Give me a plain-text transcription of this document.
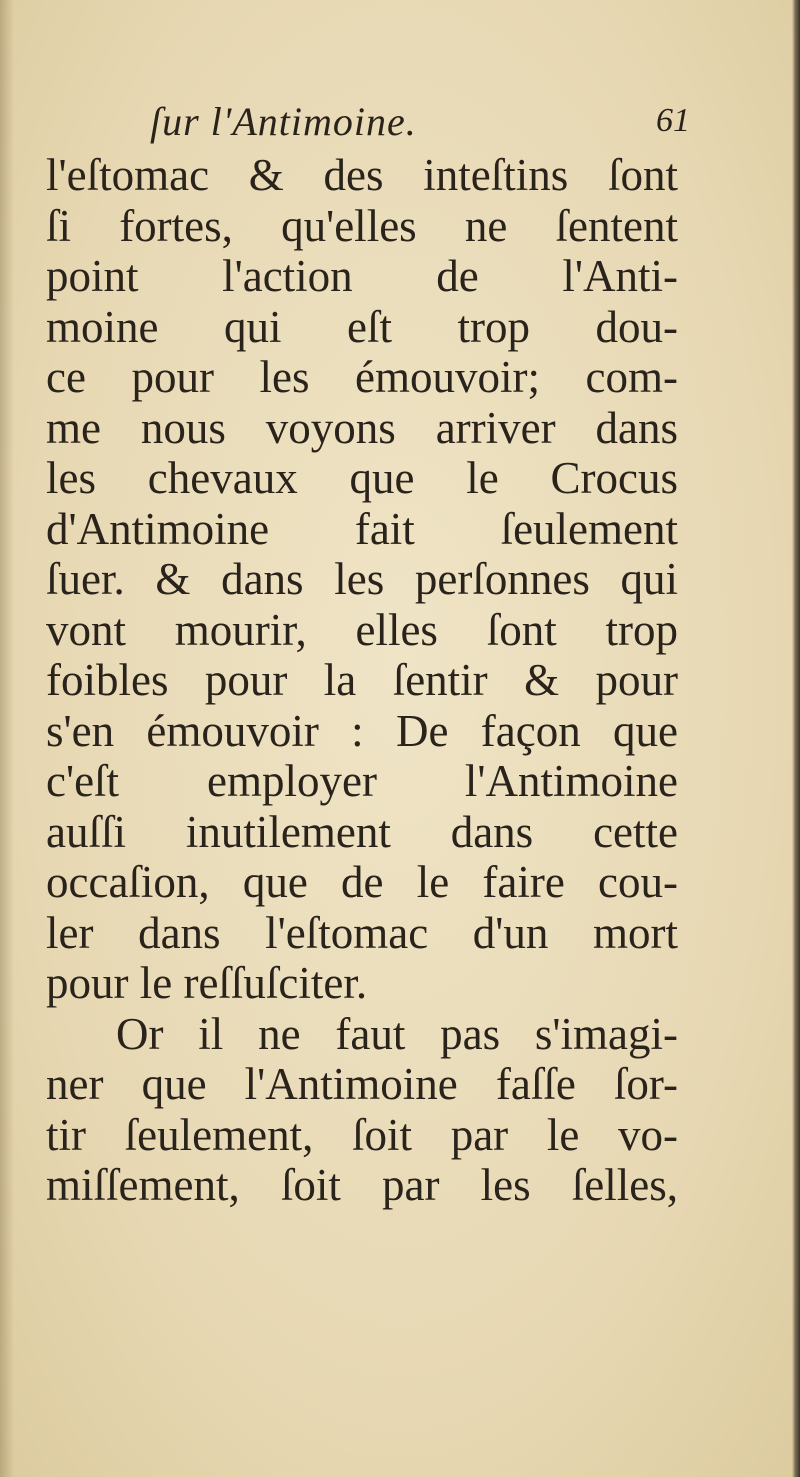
ſur l'Antimoine.	61
l'eſtomac & des inteſtins ſont
ſi fortes, qu'elles ne ſentent
point l'action de l'Anti-
moine qui eſt trop dou-
ce pour les émouvoir; com-
me nous voyons arriver dans
les chevaux que le Crocus
d'Antimoine fait ſeulement
ſuer. & dans les perſonnes qui
vont mourir, elles ſont trop
foibles pour la ſentir & pour
s'en émouvoir : De façon que
c'eſt employer l'Antimoine
auſſi inutilement dans cette
occaſion, que de le faire cou-
ler dans l'eſtomac d'un mort
pour le reſſuſciter.
Or il ne faut pas s'imagi-
ner que l'Antimoine faſſe ſor-
tir ſeulement, ſoit par le vo-
miſſement, ſoit par les ſelles,
